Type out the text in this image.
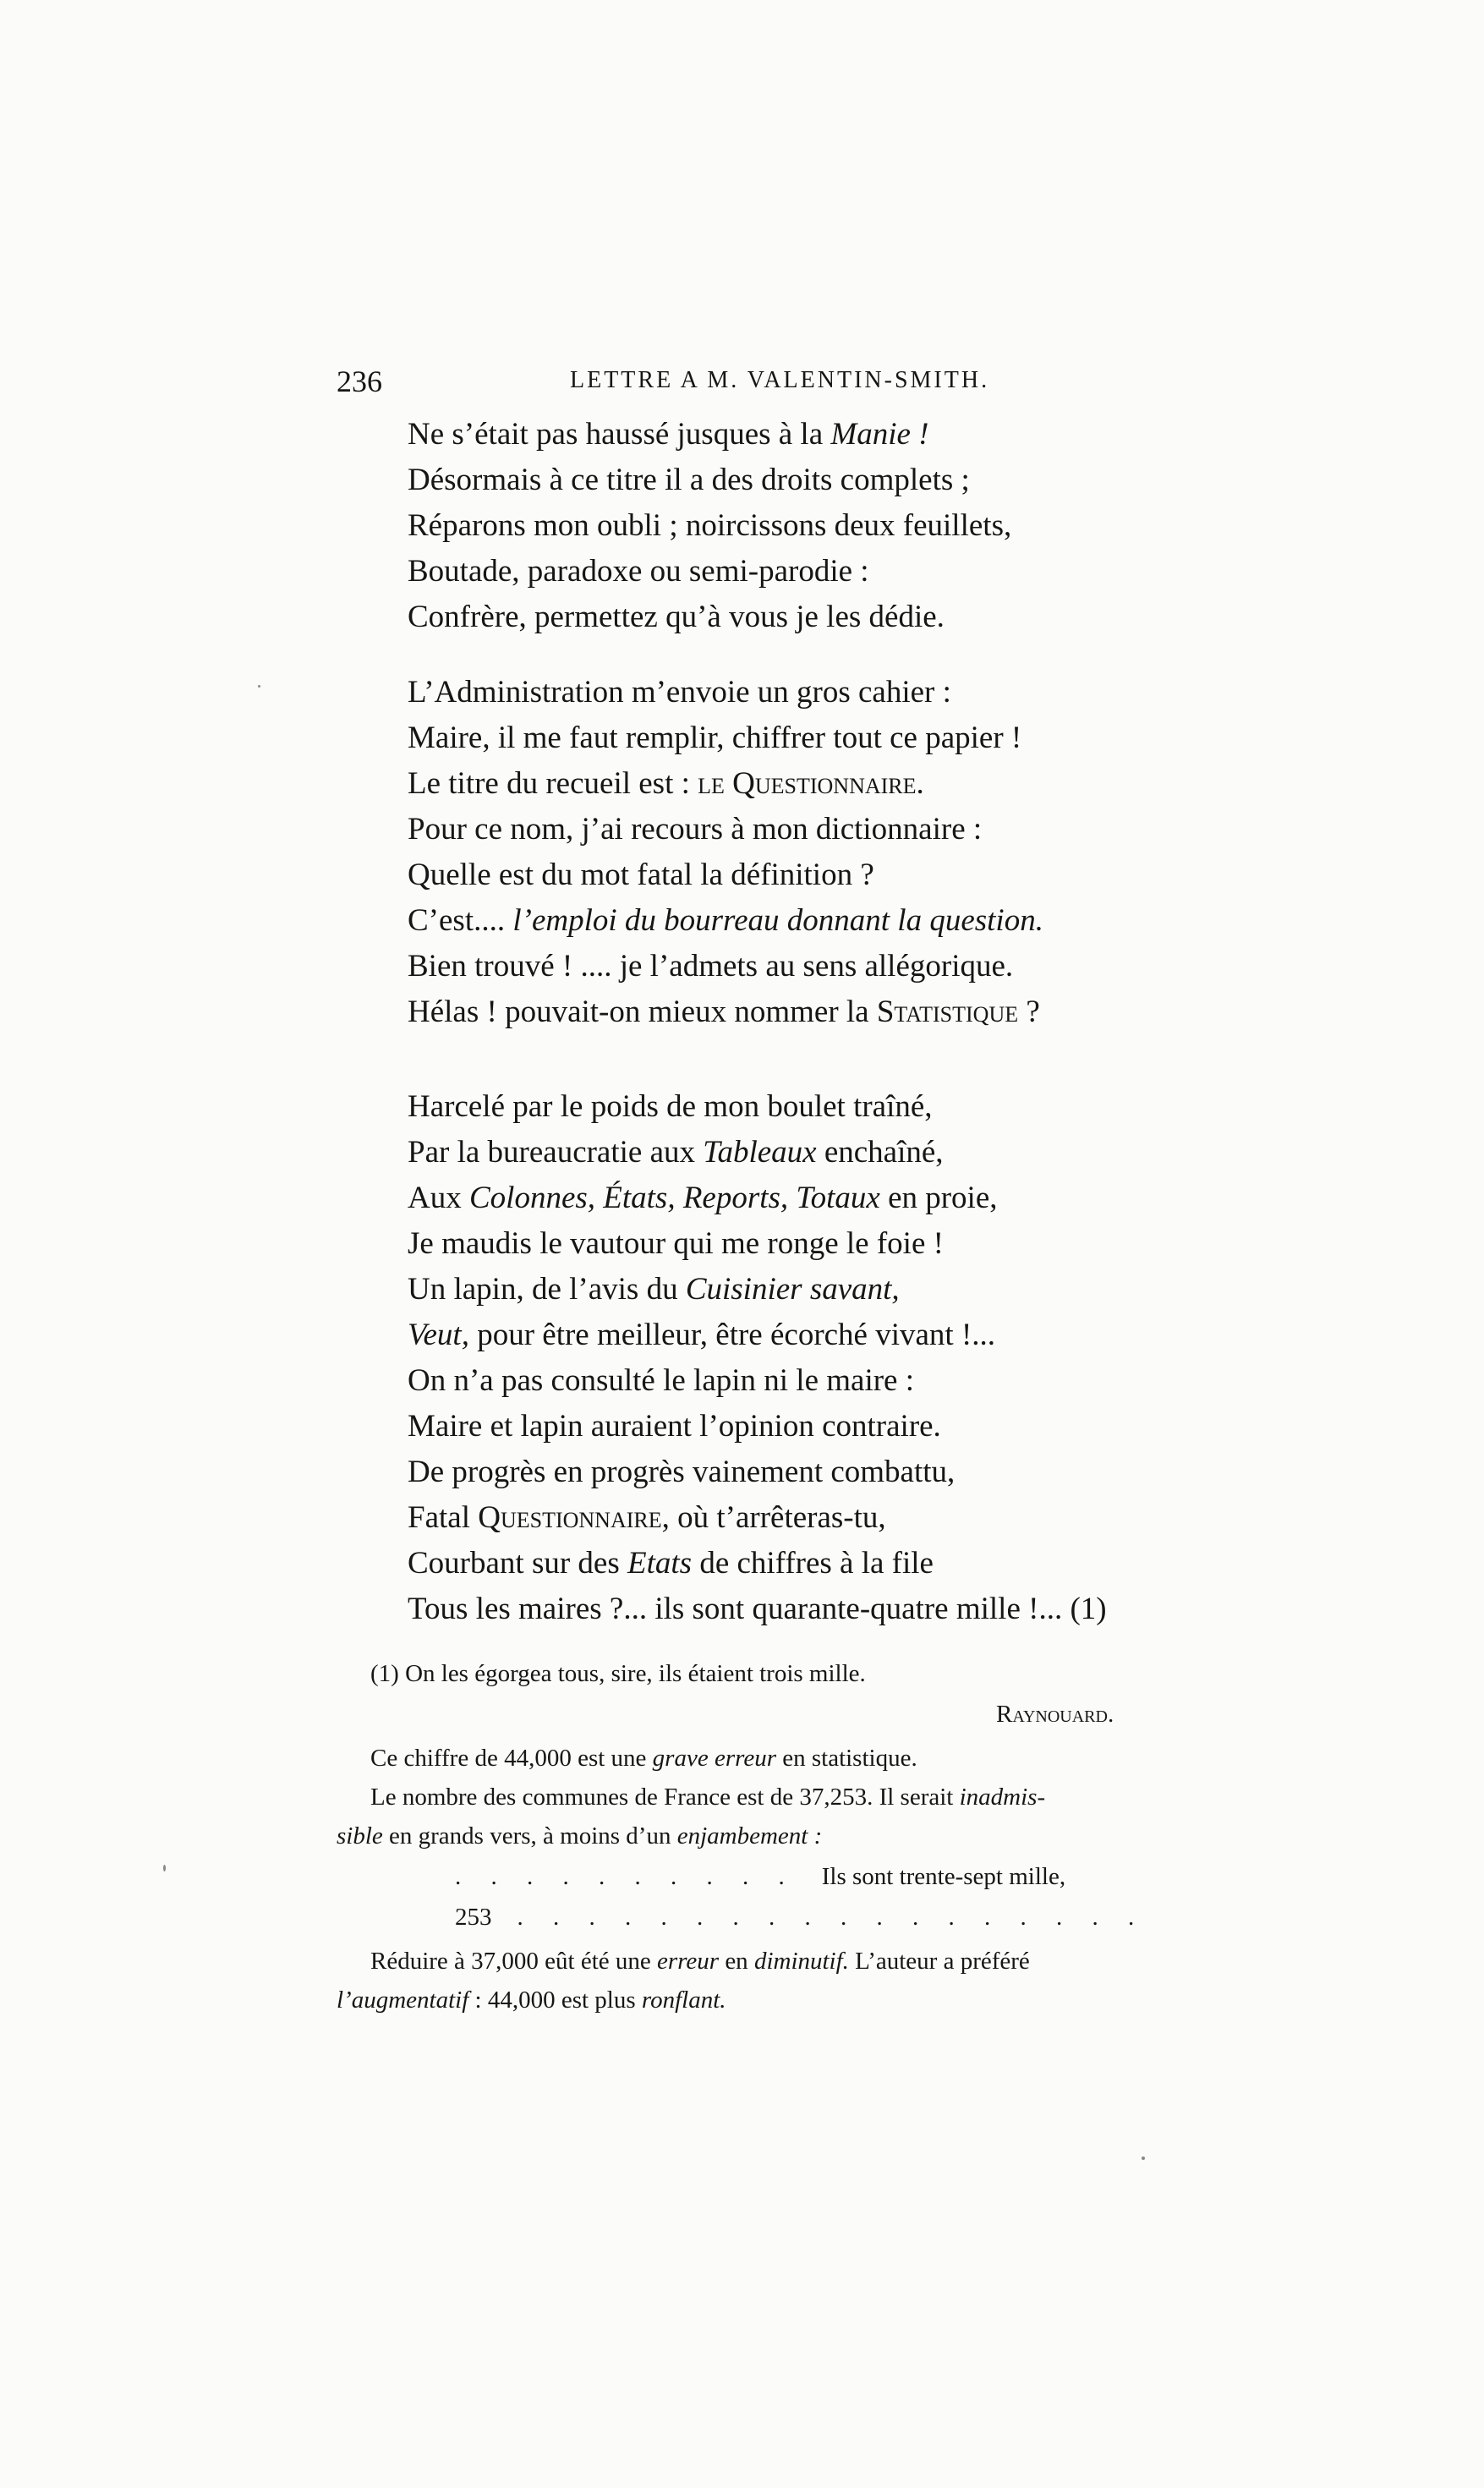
236	LETTRE A M. VALENTIN-SMITH.
Ne s’était pas haussé jusques à la Manie !
Désormais à ce titre il a des droits complets ;
Réparons mon oubli ; noircissons deux feuillets,
Boutade, paradoxe ou semi-parodie :
Confrère, permettez qu’à vous je les dédie.
L’Administration m’envoie un gros cahier :
Maire, il me faut remplir, chiffrer tout ce papier !
Le titre du recueil est : le Questionnaire.
Pour ce nom, j’ai recours à mon dictionnaire :
Quelle est du mot fatal la définition ?
C’est.... l’emploi du bourreau donnant la question.
Bien trouvé ! .... je l’admets au sens allégorique.
Hélas ! pouvait-on mieux nommer la Statistique ?
Harcelé par le poids de mon boulet traîné,
Par la bureaucratie aux Tableaux enchaîné,
Aux Colonnes, États, Reports, Totaux en proie,
Je maudis le vautour qui me ronge le foie !
Un lapin, de l’avis du Cuisinier savant,
Veut, pour être meilleur, être écorché vivant !...
On n’a pas consulté le lapin ni le maire :
Maire et lapin auraient l’opinion contraire.
De progrès en progrès vainement combattu,
Fatal Questionnaire, où t’arrêteras-tu,
Courbant sur des Etats de chiffres à la file
Tous les maires ?... ils sont quarante-quatre mille !... (1)
(1) On les égorgea tous, sire, ils étaient trois mille.
Raynouard.
Ce chiffre de 44,000 est une grave erreur en statistique.
Le nombre des communes de France est de 37,253. Il serait inadmis-
sible en grands vers, à moins d’un enjambement :
. . . . . . . . . . Ils sont trente-sept mille,
253 . . . . . . . . . . . . . . . . . .
Réduire à 37,000 eût été une erreur en diminutif. L’auteur a préféré
l’augmentatif : 44,000 est plus ronflant.
